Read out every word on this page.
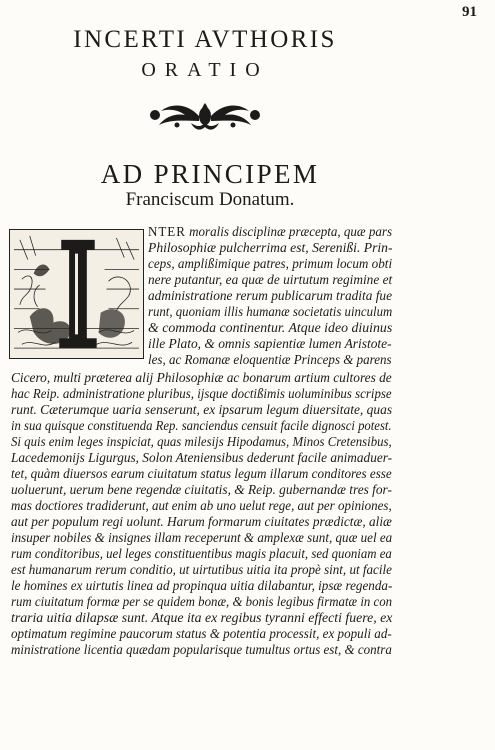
91
INCERTI AVTHORIS
ORATIO
AD PRINCIPEM
Franciscum Donatum.
NTER moralis disciplinæ præcepta, quæ pars
Philosophiæ pulcherrima est, Serenißi. Prin-
ceps, amplißimique patres, primum locum obti
nere putantur, ea quæ de uirtutum regimine et
administratione rerum publicarum tradita fue
runt, quoniam illis humanæ societatis uinculum
& commoda continentur. Atque ideo diuinus
ille Plato, & omnis sapientiæ lumen Aristote-
les, ac Romanæ eloquentiæ Princeps & parens
Cicero, multi præterea alij Philosophiæ ac bonarum artium cultores de
hac Reip. administratione pluribus, ijsque doctißimis uoluminibus scripse
runt. Cæterumque uaria senserunt, ex ipsarum legum diuersitate, quas
in sua quisque constituenda Rep. sanciendus censuit facile dignosci potest.
Si quis enim leges inspiciat, quas milesijs Hipodamus, Minos Cretensibus,
Lacedemonijs Ligurgus, Solon Ateniensibus dederunt facile animaduer-
tet, quàm diuersos earum ciuitatum status legum illarum conditores esse
uoluerunt, uerum bene regendæ ciuitatis, & Reip. gubernandæ tres for-
mas doctiores tradiderunt, aut enim ab uno uelut rege, aut per opiniones,
aut per populum regi uolunt. Harum formarum ciuitates prædictæ, aliæ
insuper nobiles & insignes illam receperunt & amplexæ sunt, quæ uel ea
rum conditoribus, uel leges constituentibus magis placuit, sed quoniam ea
est humanarum rerum conditio, ut uirtutibus uitia ita propè sint, ut facile
le homines ex uirtutis linea ad propinqua uitia dilabantur, ipsæ regenda-
rum ciuitatum formæ per se quidem bonæ, & bonis legibus firmatæ in con
traria uitia dilapsæ sunt. Atque ita ex regibus tyranni effecti fuere, ex
optimatum regimine paucorum status & potentia processit, ex populi ad-
ministratione licentia quædam popularisque tumultus ortus est, & contra
